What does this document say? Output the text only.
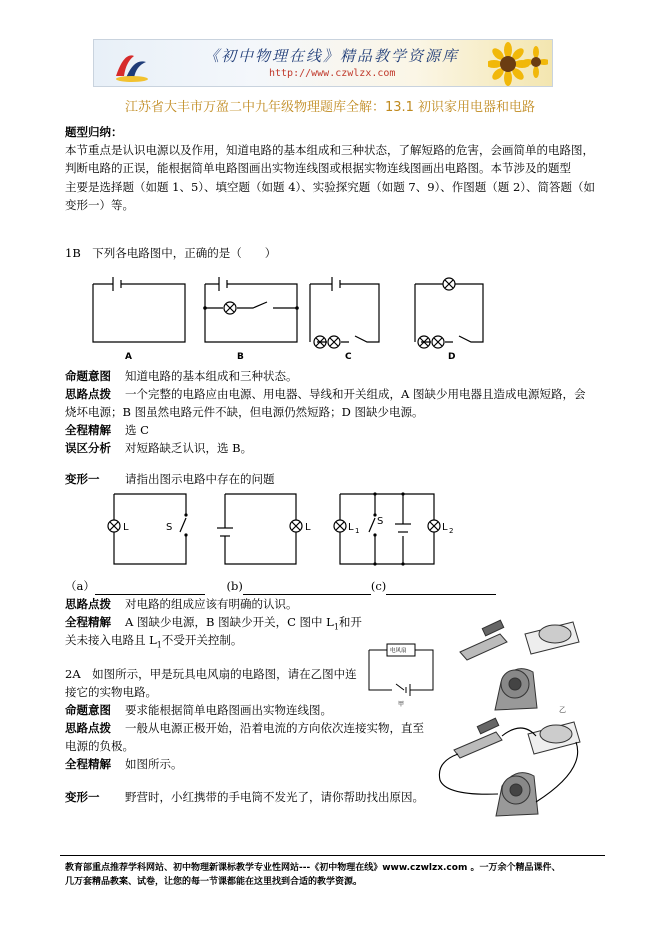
《初中物理在线》精品教学资源库
http://www.czwlzx.com
江苏省大丰市万盈二中九年级物理题库全解：13.1 初识家用电器和电路
题型归纳：
本节重点是认识电源以及作用，知道电路的基本组成和三种状态，了解短路的危害，会画简单的电路图，
判断电路的正误，能根据简单电路图画出实物连线图或根据实物连线图画出电路图。本节涉及的题型
主要是选择题（如题 1、5）、填空题（如题 4）、实验探究题（如题 7、9）、作图题（题 2）、简答题（如
变形一）等。
1B　下列各电路图中，正确的是（　　）
A	B	C	D
命题意图 知道电路的基本组成和三种状态。
思路点拨 一个完整的电路应由电源、用电器、导线和开关组成，A 图缺少用电器且造成电源短路，会
烧坏电源；B 图虽然电路元件不缺，但电源仍然短路；D 图缺少电源。
全程精解 选 C
误区分析 对短路缺乏认识，选 B。
变形一 请指出图示电路中存在的问题
L	S	L	L 1
S
L 2
（a）	(b)	(c)
思路点拨 对电路的组成应该有明确的认识。
全程精解 A 图缺少电源，B 图缺少开关，C 图中 $L_1$和开
关未接入电路且 $L_1$不受开关控制。
乙
2A　如图所示，甲是玩具电风扇的电路图，请在乙图中连
接它的实物电路。
电风扇
甲
命题意图 要求能根据简单电路图画出实物连线图。
思路点拨 一般从电源正极开始，沿着电流的方向依次连接实物，直至
电源的负极。
全程精解 如图所示。
变形一 野营时，小红携带的手电筒不发光了，请你帮助找出原因。
教育部重点推荐学科网站、初中物理新课标教学专业性网站---《初中物理在线》www.czwlzx.com 。一万余个精品课件、
几万套精品教案、试卷，让您的每一节课都能在这里找到合适的教学资源。
